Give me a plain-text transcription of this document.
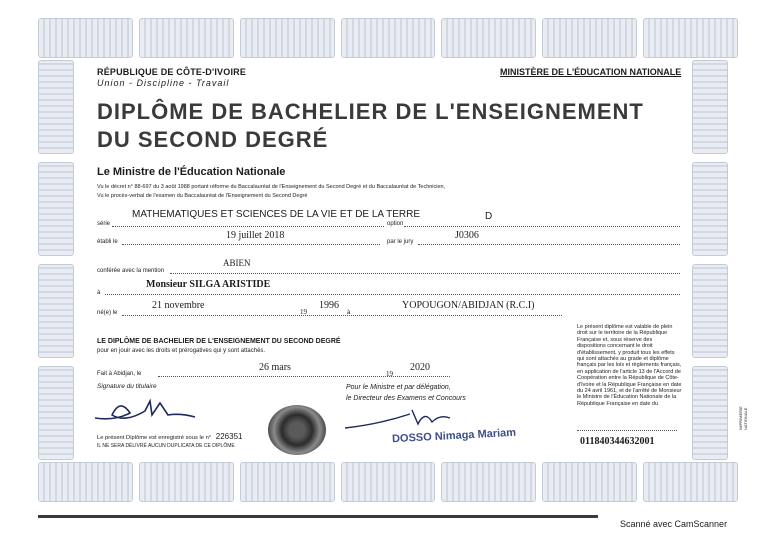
RÉPUBLIQUE DE CÔTE-D'IVOIRE
Union - Discipline - Travail
MINISTÈRE DE L'ÉDUCATION NATIONALE
DIPLÔME DE BACHELIER DE L'ENSEIGNEMENT
DU SECOND DEGRÉ
Le Ministre de l'Éducation Nationale
Vu le décret n° 88-697 du 3 août 1988 portant réforme du Baccalauréat de l'Enseignement du Second Degré et du Baccalauréat de Technicien,
Vu le procès-verbal de l'examen du Baccalauréat de l'Enseignement du Second Degré
série
MATHEMATIQUES ET SCIENCES DE LA VIE ET DE LA TERRE
option
D
établi le
19 juillet 2018
par le jury
J0306
ABIEN
conférée avec la mention
à
Monsieur SILGA ARISTIDE
né(e) le
21 novembre
19
1996
à
YOPOUGON/ABIDJAN (R.C.I)
LE DIPLÔME DE BACHELIER DE L'ENSEIGNEMENT DU SECOND DEGRÉ
pour en jouir avec les droits et prérogatives qui y sont attachés.
Fait à Abidjan, le
26 mars
19
2020
Signature du titulaire	Pour le Ministre et par délégation,
le Directeur des Examens et Concours
DOSSO Nimaga Mariam
Le présent Diplôme est enregistré sous le n° 226351
IL NE SERA DÉLIVRÉ AUCUN DUPLICATA DE CE DIPLÔME
Le présent diplôme est valable de plein droit sur le territoire de la République Française et, sous réserve des dispositions concernant le droit d'établissement, y produit tous les effets qui sont attachés au grade et diplôme français par les lois et règlements français, en application de l'article 13 de l'Accord de Coopération entre la République de Côte-d'Ivoire et la République Française en date du 24 avril 1961, et de l'arrêté de Monsieur le Ministre de l'Éducation Nationale de la République Française en date du
011840344632001
IMPRIMERIE NATIONALE
Scanné avec CamScanner
